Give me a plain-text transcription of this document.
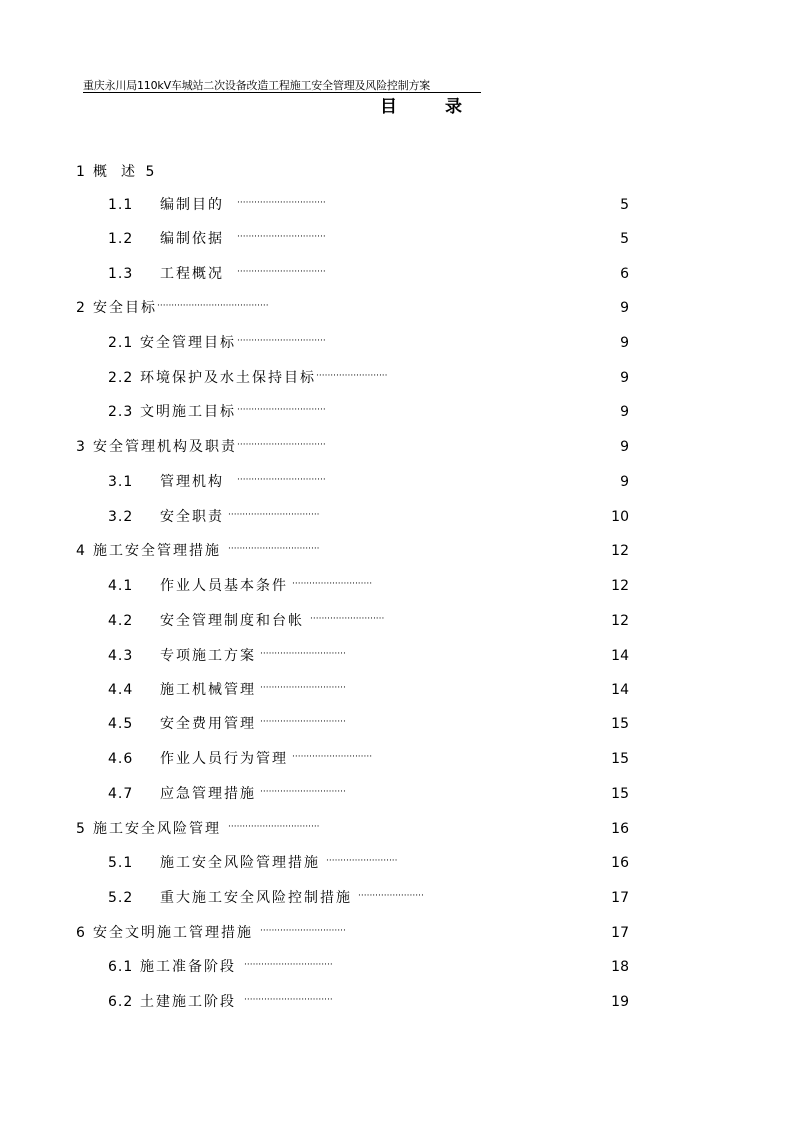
重庆永川局110kV车城站二次设备改造工程施工安全管理及风险控制方案
目	录
1 概　述 5
1.1 编制目的 ·······························	5
1.2 编制依据 ·······························	5
1.3 工程概况 ·······························	6
2 安全目标 ·······································	9
2.1 安全管理目标 ·······························	9
2.2 环境保护及水土保持目标 ·························	9
2.3 文明施工目标 ·······························	9
3 安全管理机构及职责 ·······························	9
3.1 管理机构 ·······························	9
3.2 安全职责 ································	10
4 施工安全管理措施 ································	12
4.1 作业人员基本条件 ····························	12
4.2 安全管理制度和台帐 ··························	12
4.3 专项施工方案 ······························	14
4.4 施工机械管理 ······························	14
4.5 安全费用管理 ······························	15
4.6 作业人员行为管理 ····························	15
4.7 应急管理措施 ······························	15
5 施工安全风险管理 ································	16
5.1 施工安全风险管理措施 ·························	16
5.2 重大施工安全风险控制措施 ·······················	17
6 安全文明施工管理措施 ······························	17
6.1 施工准备阶段 ·······························	18
6.2 土建施工阶段 ·······························	19
